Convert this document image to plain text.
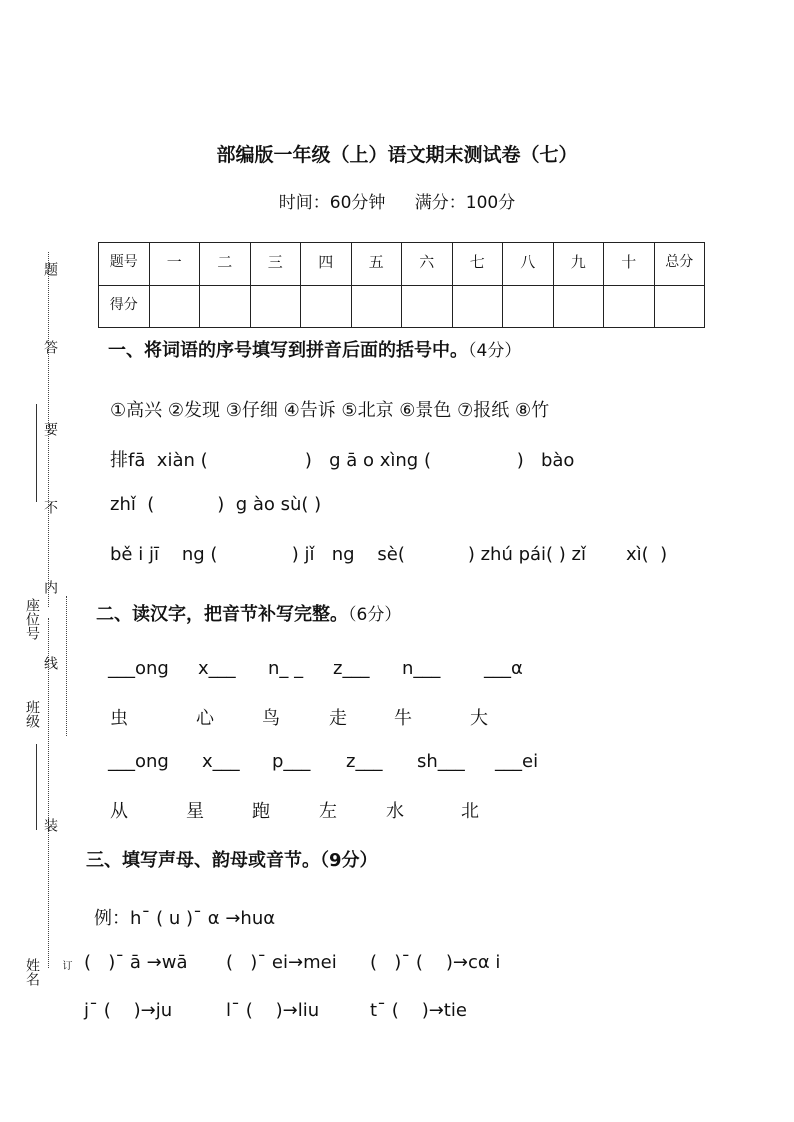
题
答
要
不
内
线
装
订
座位号
班级
姓名
部编版一年级（上）语文期末测试卷（七）
时间：60分钟 满分：100分
题号	一	二	三	四	五	六	七	八	九	十	总分
得分											
一、将词语的序号填写到拼音后面的括号中。（4分）
①高兴 ②发现 ③仔细 ④告诉 ⑤北京 ⑥景色 ⑦报纸 ⑧竹
排fā  xiàn (                 )   g ā o xìng (               )   bào
zhǐ  (           )  g ào sù( )
bě i jī    ng (             ) jǐ   ng    sè(           ) zhú pái( ) zǐ       xì(  )
二、读汉字，把音节补写完整。（6分）
___ong x___ n_ _ z___ n___ ___α
虫	心	鸟	走	牛	大
___ong x___ p___ z___ sh___ ___ei
从	星	跑	左	水	北
三、填写声母、韵母或音节。（9分）
例：h¯ ( u )¯ α →huα
(   )¯ ā →wā (   )¯ ei→mei (   )¯ (    )→cα i
j¯ (    )→ju	l¯ (    )→liu	t¯ (    )→tie
